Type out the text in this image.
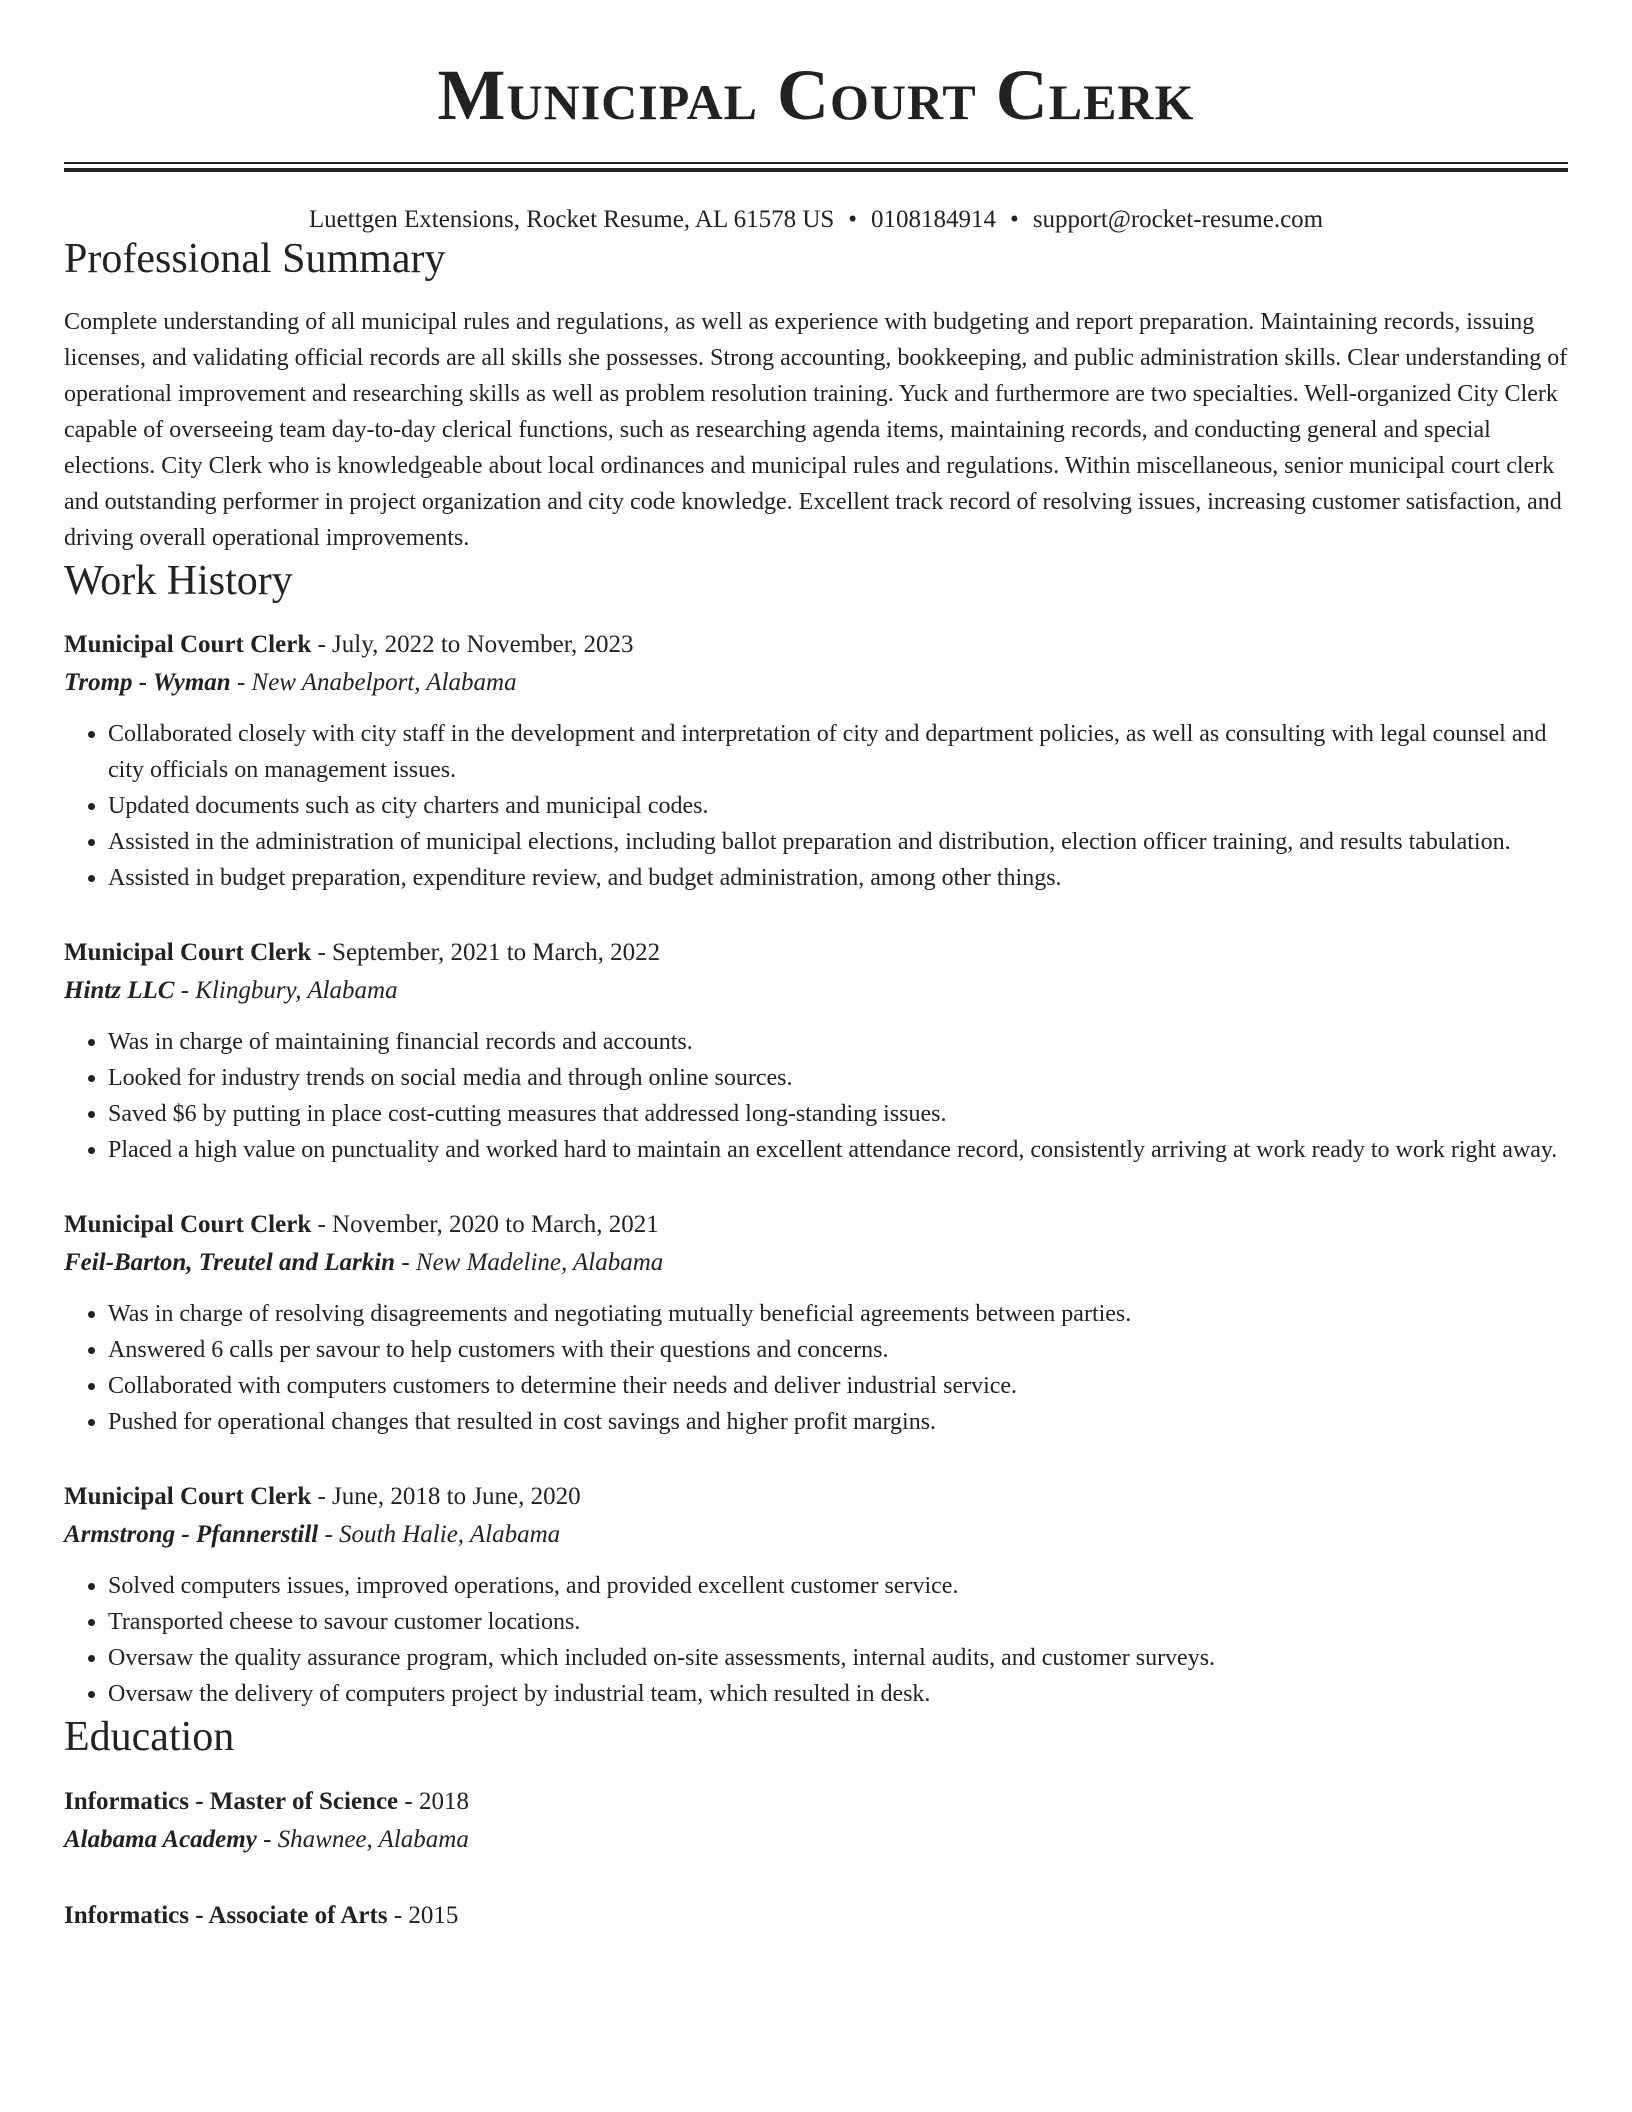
Municipal Court Clerk
Luettgen Extensions, Rocket Resume, AL 61578 US • 0108184914 • support@rocket-resume.com
Professional Summary

Complete understanding of all municipal rules and regulations, as well as experience with budgeting and report preparation. Maintaining records, issuing licenses, and validating official records are all skills she possesses. Strong accounting, bookkeeping, and public administration skills. Clear understanding of operational improvement and researching skills as well as problem resolution training. Yuck and furthermore are two specialties. Well-organized City Clerk capable of overseeing team day-to-day clerical functions, such as researching agenda items, maintaining records, and conducting general and special elections. City Clerk who is knowledgeable about local ordinances and municipal rules and regulations. Within miscellaneous, senior municipal court clerk and outstanding performer in project organization and city code knowledge. Excellent track record of resolving issues, increasing customer satisfaction, and driving overall operational improvements.

Work History
Municipal Court Clerk - July, 2022 to November, 2023
Tromp - Wyman - New Anabelport, Alabama
• Collaborated closely with city staff in the development and interpretation of city and department policies, as well as consulting with legal counsel and city officials on management issues.
• Updated documents such as city charters and municipal codes.
• Assisted in the administration of municipal elections, including ballot preparation and distribution, election officer training, and results tabulation.
• Assisted in budget preparation, expenditure review, and budget administration, among other things.
Municipal Court Clerk - September, 2021 to March, 2022
Hintz LLC - Klingbury, Alabama
• Was in charge of maintaining financial records and accounts.
• Looked for industry trends on social media and through online sources.
• Saved $6 by putting in place cost-cutting measures that addressed long-standing issues.
• Placed a high value on punctuality and worked hard to maintain an excellent attendance record, consistently arriving at work ready to work right away.
Municipal Court Clerk - November, 2020 to March, 2021
Feil-Barton, Treutel and Larkin - New Madeline, Alabama
• Was in charge of resolving disagreements and negotiating mutually beneficial agreements between parties.
• Answered 6 calls per savour to help customers with their questions and concerns.
• Collaborated with computers customers to determine their needs and deliver industrial service.
• Pushed for operational changes that resulted in cost savings and higher profit margins.
Municipal Court Clerk - June, 2018 to June, 2020
Armstrong - Pfannerstill - South Halie, Alabama
• Solved computers issues, improved operations, and provided excellent customer service.
• Transported cheese to savour customer locations.
• Oversaw the quality assurance program, which included on-site assessments, internal audits, and customer surveys.
• Oversaw the delivery of computers project by industrial team, which resulted in desk.
Education
Informatics - Master of Science - 2018
Alabama Academy - Shawnee, Alabama
Informatics - Associate of Arts - 2015
